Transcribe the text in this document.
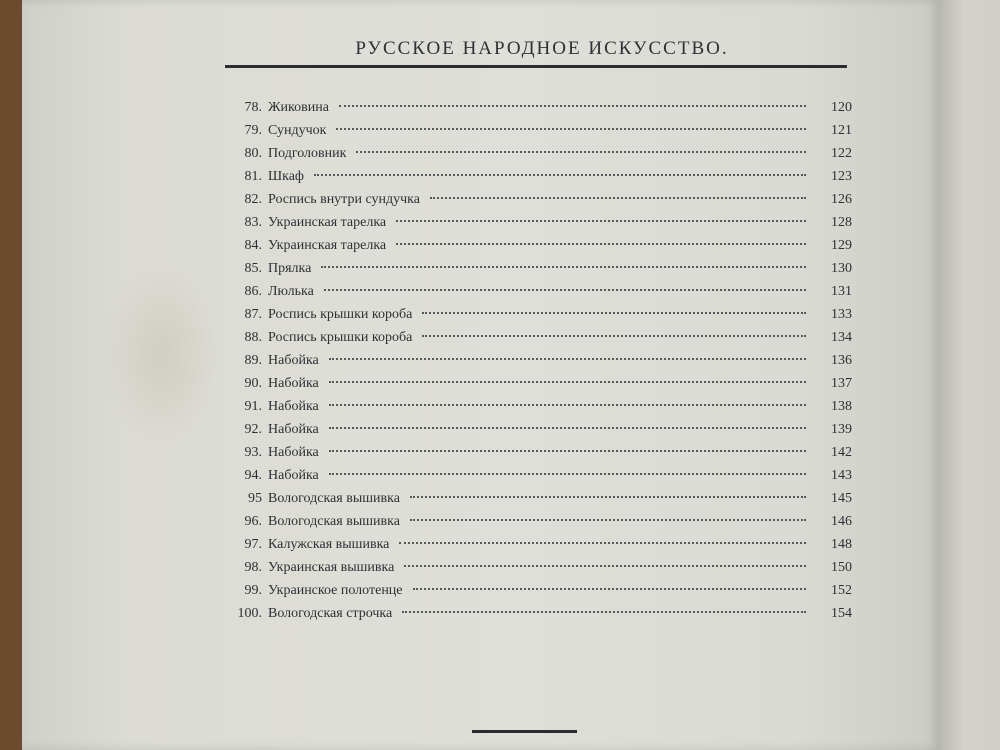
РУССКОЕ НАРОДНОЕ ИСКУССТВО.
78. Жиковина	120
79. Сундучок	121
80. Подголовник	122
81. Шкаф	123
82. Роспись внутри сундучка	126
83. Украинская тарелка	128
84. Украинская тарелка	129
85. Прялка	130
86. Люлька	131
87. Роспись крышки короба	133
88. Роспись крышки короба	134
89. Набойка	136
90. Набойка	137
91. Набойка	138
92. Набойка	139
93. Набойка	142
94. Набойка	143
95 Вологодская вышивка	145
96. Вологодская вышивка	146
97. Калужская вышивка	148
98. Украинская вышивка	150
99. Украинское полотенце	152
100. Вологодская строчка	154
